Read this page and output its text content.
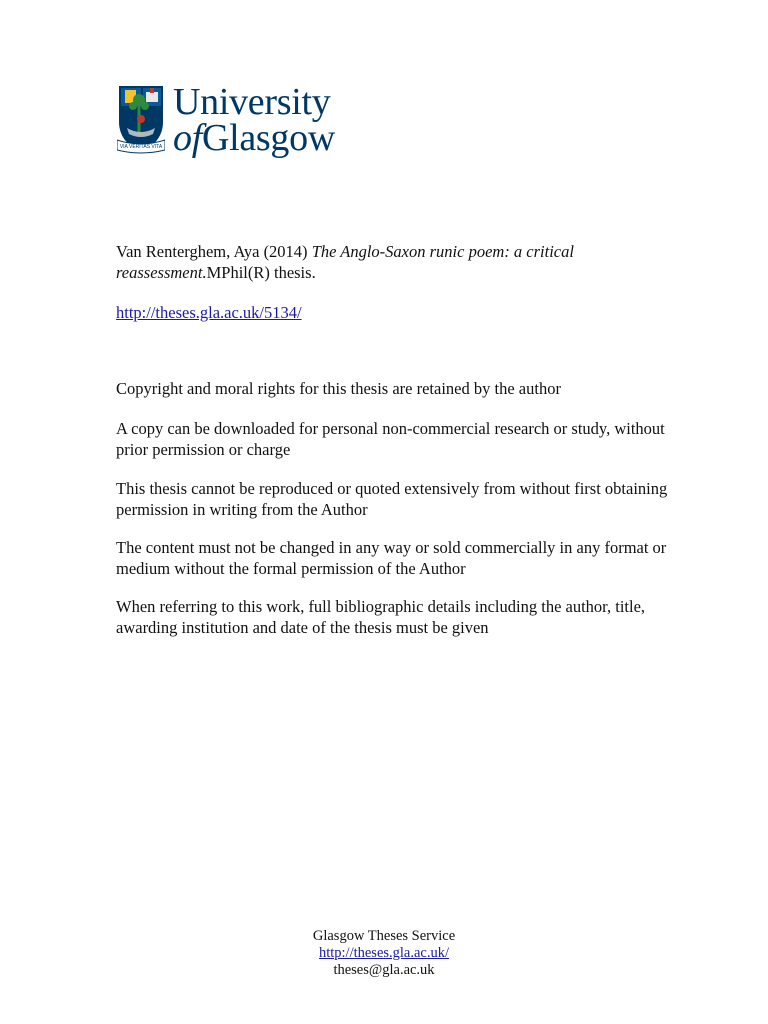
VIA VERITAS VITA
University
ofGlasgow
Van Renterghem, Aya (2014) The Anglo-Saxon runic poem: a critical reassessment.MPhil(R) thesis.
http://theses.gla.ac.uk/5134/
Copyright and moral rights for this thesis are retained by the author
A copy can be downloaded for personal non-commercial research or study, without prior permission or charge
This thesis cannot be reproduced or quoted extensively from without first obtaining permission in writing from the Author
The content must not be changed in any way or sold commercially in any format or medium without the formal permission of the Author
When referring to this work, full bibliographic details including the author, title, awarding institution and date of the thesis must be given
Glasgow Theses Service
http://theses.gla.ac.uk/
theses@gla.ac.uk
